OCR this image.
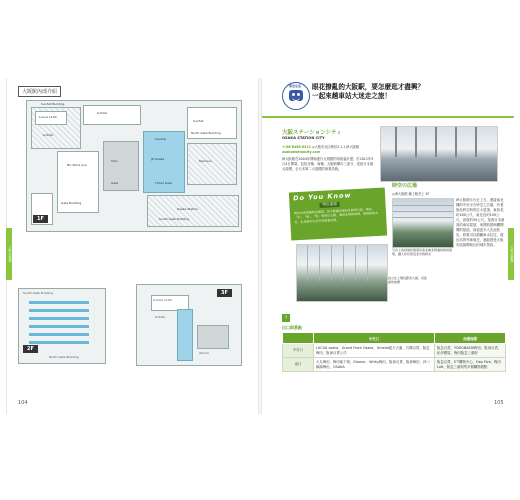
大阪駅內部介紹
Sunfull Building
Lucua 1100
LUCUA
LUCUA
Bic Mack Ace
Sunfull
Daimaru
JR Osaka
Shin
Central
Ticket Gate
Gate
Osaka Station
South Gate Building
Gate Building
North Gate Building
1F
South Gate Building
North Gate Building
2F
LUCUA 1100
LUCUA
Atrium
3F
104
大阪‧京都篇
都會生活 眼花撩亂的大阪駅，要怎麼逛才盡興？
一起來趟車站大迷走之旅！
大阪ステーションシティ
OSAKA STATION CITY
☏06-6458-0212 ◎大阪市北区梅田3-1-1 JR大阪駅
osakastationcity.com
JR大阪駅在2004年開始進行大規模的再改裝計畫，於2011年5月4日開幕，包括北棟、南棟、大阪駅構內三部分，是西日本最大規模、全日本第二大規模的商業設施。
Do You Know
特色建築
車站內的各種特色建築，其中都蘊含著設計師的巧思，例如「水」、「緑」、「情」等設計主題，連結北棟與南棟，展現建築之美，也是都市生活中的重要空間。
時空の広場
◎JR大阪駅 橋上駅舎上 5F
JR大阪駅月台正上方，連接南北棟的中央平台時空之広場，有著如此時空般的巨大屋頂，東西長約180公尺、南北長約100公尺，高度約50公尺，是西日本最高的車站屋頂，來開放感與爛開間的屋頂，探索更多人在此駐足，欣賞可以俯瞰車水往往，進出站的列車風光，還能感受大阪市區熱鬧與比的城市景致。
月台上的鳥巢狀屋頂及南北棟北相連的時尚建築，讓人好好感受北外的時光
站立在上層長距的大鐘，是此處的地標
?
出口與景點
	中央口	周邊地標
中央口	LUCUA osaka、Grand Front Osaka、Umeda藍天大廈、共構百貨、阪急梅田、阪神百貨公司	阪急百貨、YODOBASHI梅田、阪神百貨、紀伊國屋、梅田阪急三番街
南口	大丸梅田、梅田地下街、Diamor、Whity梅田、阪神百貨、阪神梅田、四つ橋線梅田、OSAKA	阪急百貨、E'T購物中心、Hep Five、梅田Loft、阪急三番街等多個購物據點
105
大阪‧京都篇
